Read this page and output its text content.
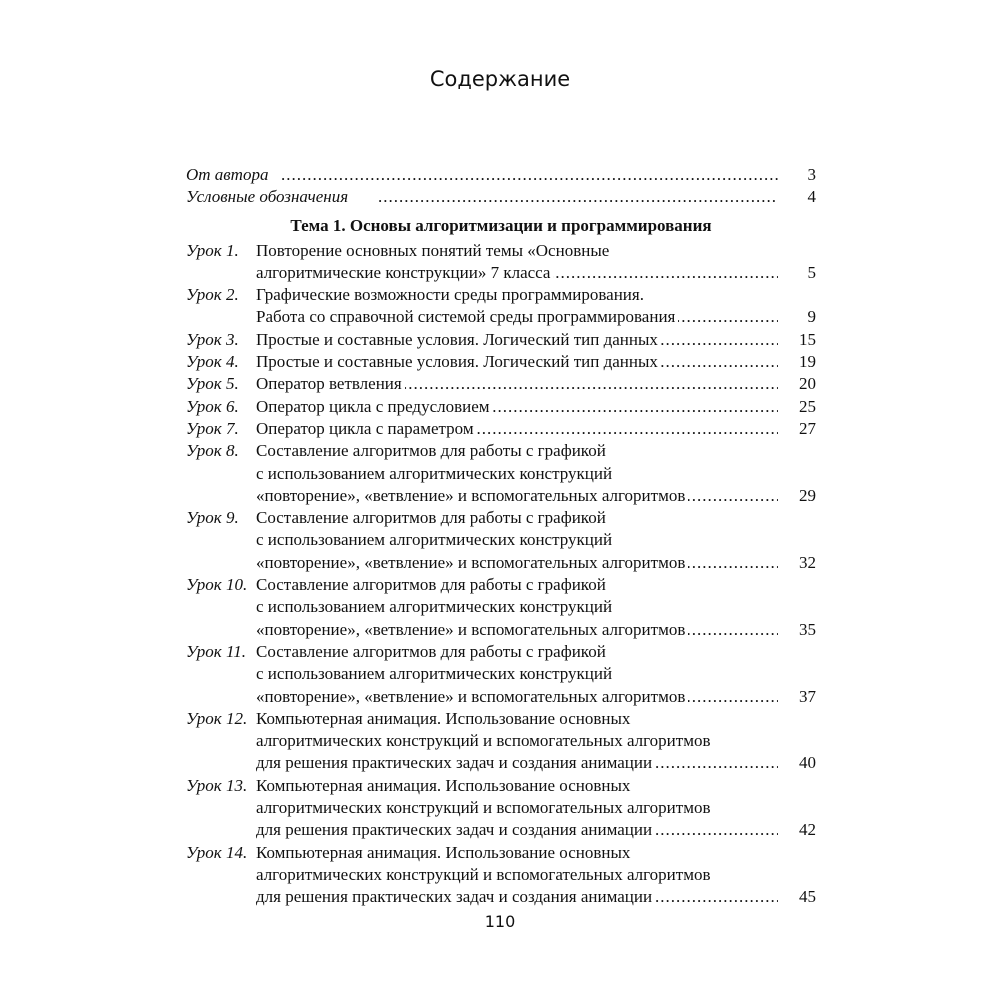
Содержание
От автора .....	3
Условные обозначения .....	4
Тема 1. Основы алгоритмизации и программирования
Урок 1. Повторение основных понятий темы «Основные
.....
алгоритмические конструкции» 7 класса	5
Урок 2. Графические возможности среды программирования.
.....
Работа со справочной системой среды программирования	9
Урок 3. ..... Простые и составные условия. Логический тип данных	15
Урок 4. ..... Простые и составные условия. Логический тип данных	19
Урок 5. ..... Оператор ветвления	20
Урок 6. ..... Оператор цикла с предусловием	25
Урок 7. ..... Оператор цикла с параметром	27
Урок 8. Составление алгоритмов для работы с графикой
с использованием алгоритмических конструкций
.....
«повторение», «ветвление» и вспомогательных алгоритмов	29
Урок 9. Составление алгоритмов для работы с графикой
с использованием алгоритмических конструкций
.....
«повторение», «ветвление» и вспомогательных алгоритмов	32
Урок 10. Составление алгоритмов для работы с графикой
с использованием алгоритмических конструкций
.....
«повторение», «ветвление» и вспомогательных алгоритмов	35
Урок 11. Составление алгоритмов для работы с графикой
с использованием алгоритмических конструкций
.....
«повторение», «ветвление» и вспомогательных алгоритмов	37
Урок 12. Компьютерная анимация. Использование основных
алгоритмических конструкций и вспомогательных алгоритмов
.....
для решения практических задач и создания анимации	40
Урок 13. Компьютерная анимация. Использование основных
алгоритмических конструкций и вспомогательных алгоритмов
.....
для решения практических задач и создания анимации	42
Урок 14. Компьютерная анимация. Использование основных
алгоритмических конструкций и вспомогательных алгоритмов
.....
для решения практических задач и создания анимации	45
110
